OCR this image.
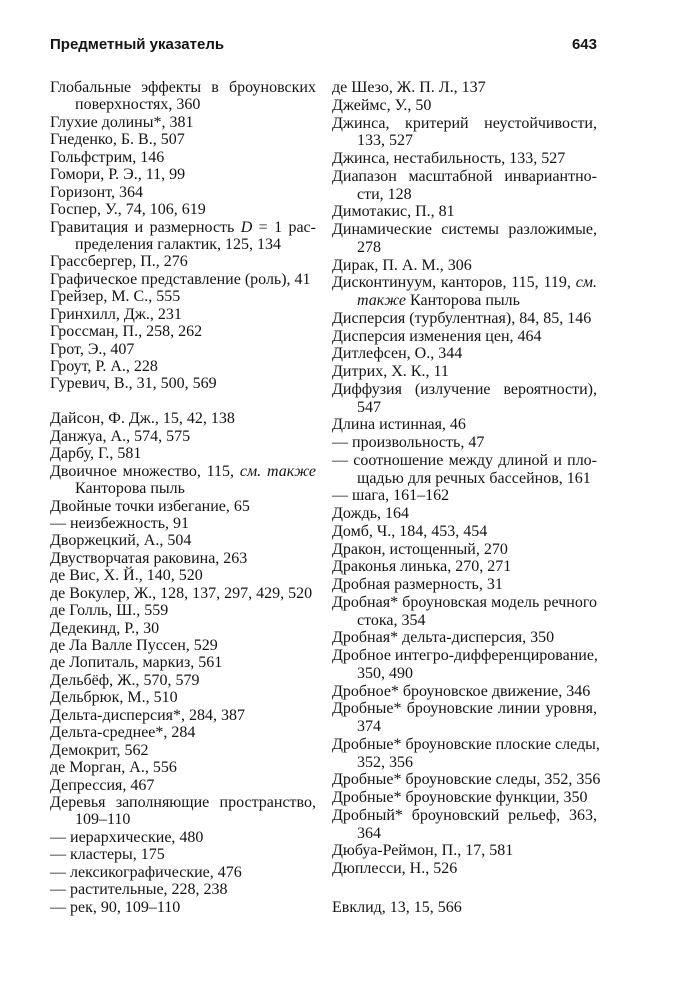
Предметный указатель	643
Глобальные эффекты в броуновских
поверхностях, 360
Глухие долины*, 381
Гнеденко, Б. В., 507
Гольфстрим, 146
Гомори, Р. Э., 11, 99
Горизонт, 364
Госпер, У., 74, 106, 619
Гравитация и размерность D = 1 рас-
пределения галактик, 125, 134
Грассбергер, П., 276
Графическое представление (роль), 41
Грейзер, М. С., 555
Гринхилл, Дж., 231
Гроссман, П., 258, 262
Грот, Э., 407
Гроут, Р. А., 228
Гуревич, В., 31, 500, 569
Дайсон, Ф. Дж., 15, 42, 138
Данжуа, А., 574, 575
Дарбу, Г., 581
Двоичное множество, 115, см. также
Канторова пыль
Двойные точки избегание, 65
— неизбежность, 91
Дворжецкий, А., 504
Двустворчатая раковина, 263
де Вис, Х. Й., 140, 520
де Вокулер, Ж., 128, 137, 297, 429, 520
де Голль, Ш., 559
Дедекинд, Р., 30
де Ла Валле Пуссен, 529
де Лопиталь, маркиз, 561
Дельбёф, Ж., 570, 579
Дельбрюк, М., 510
Дельта-дисперсия*, 284, 387
Дельта-среднее*, 284
Демокрит, 562
де Морган, А., 556
Депрессия, 467
Деревья заполняющие пространство,
109–110
— иерархические, 480
— кластеры, 175
— лексикографические, 476
— растительные, 228, 238
— рек, 90, 109–110
де Шезо, Ж. П. Л., 137
Джеймс, У., 50
Джинса, критерий неустойчивости,
133, 527
Джинса, нестабильность, 133, 527
Диапазон масштабной инвариантно-
сти, 128
Димотакис, П., 81
Динамические системы разложимые,
278
Дирак, П. А. М., 306
Дисконтинуум, канторов, 115, 119, см.
также Канторова пыль
Дисперсия (турбулентная), 84, 85, 146
Дисперсия изменения цен, 464
Дитлефсен, О., 344
Дитрих, Х. К., 11
Диффузия (излучение вероятности),
547
Длина истинная, 46
— произвольность, 47
— соотношение между длиной и пло-
щадью для речных бассейнов, 161
— шага, 161–162
Дождь, 164
Домб, Ч., 184, 453, 454
Дракон, истощенный, 270
Драконья линька, 270, 271
Дробная размерность, 31
Дробная* броуновская модель речного
стока, 354
Дробная* дельта-дисперсия, 350
Дробное интегро-дифференцирование,
350, 490
Дробное* броуновское движение, 346
Дробные* броуновские линии уровня,
374
Дробные* броуновские плоские следы,
352, 356
Дробные* броуновские следы, 352, 356
Дробные* броуновские функции, 350
Дробный* броуновский рельеф, 363,
364
Дюбуа-Реймон, П., 17, 581
Дюплесси, Н., 526
Евклид, 13, 15, 566
